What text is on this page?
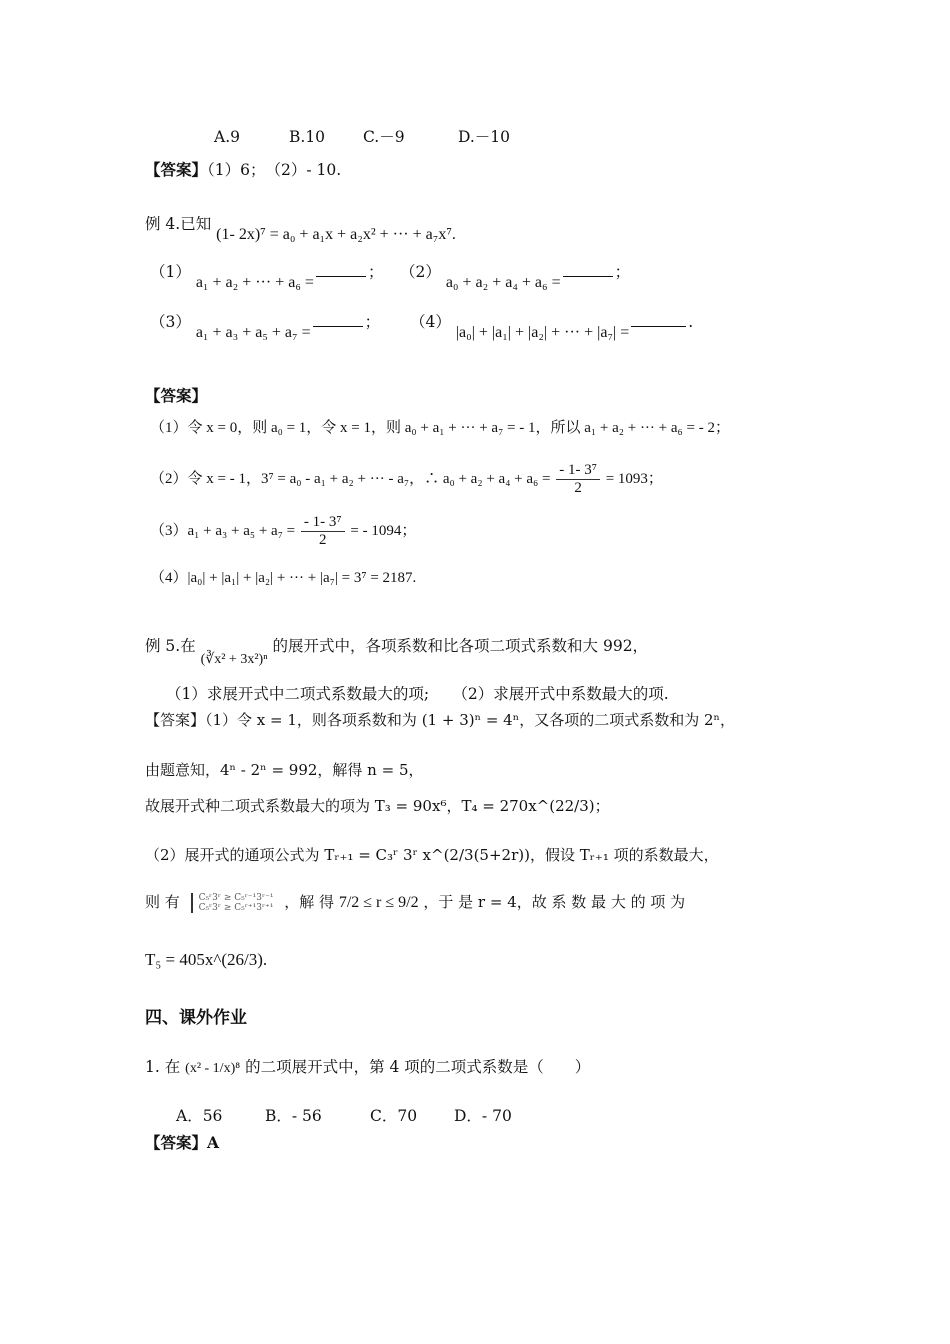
A.9	B.10 C.－9	D.－10
【答案】（1）6；　（2）- 10.
例 4.已知 (1- 2x)⁷ = a₀ + a₁x + a₂x² + ··· + a₇x⁷.
（1） a₁ + a₂ + ··· + a₆ =； （2） a₀ + a₂ + a₄ + a₆ =；
（3） a₁ + a₃ + a₅ + a₇ =； （4） |a₀| + |a₁| + |a₂| + ··· + |a₇| =.
【答案】
（1）令 x = 0，则 a₀ = 1，令 x = 1，则 a₀ + a₁ + ··· + a₇ = - 1，所以 a₁ + a₂ + ··· + a₆ = - 2；
（2）令 x = - 1，3⁷ = a₀ - a₁ + a₂ + ··· - a₇，∴ $a_0 + a_2 + a_4 + a_6 = \frac{\text{- 1- 3⁷}}{2} = 1093$；
$(3)a_1 + a_3 + a_5 + a_7 = \frac{\text{- 1- 3⁷}}{2}$ = - 1094；
（4）|a₀| + |a₁| + |a₂| + ··· + |a₇| = 3⁷ = 2187.
例 5.在 (∛x² + 3x²)ⁿ 的展开式中，各项系数和比各项二项式系数和大 992，
（1）求展开式中二项式系数最大的项;　　（2）求展开式中系数最大的项.
【答案】（1）令 x = 1，则各项系数和为 (1 + 3)ⁿ = 4ⁿ，又各项的二项式系数和为 2ⁿ，
由题意知，4ⁿ - 2ⁿ = 992，解得 n = 5，
故展开式种二项式系数最大的项为 T₃ = 90x⁶，T₄ = 270x^(22/3)；
（2）展开式的通项公式为 Tᵣ₊₁ = C₃ʳ 3ʳ x^(2/3(5+2r))，假设 Tᵣ₊₁ 项的系数最大，
则 有 C₅ʳ3ʳ ≥ C₅ʳ⁻¹3ʳ⁻¹
C₅ʳ3ʳ ≥ C₅ʳ⁺¹3ʳ⁺¹ ，解 得 7/2 ≤ r ≤ 9/2 ，于 是 r = 4，故 系 数 最 大 的 项 为
T₅ = 405x^(26/3).
四、课外作业
1. 在 (x² - 1/x)⁸ 的二项展开式中，第 4 项的二项式系数是（　　）
A．56	B．- 56	C．70 D．- 70
【答案】A
